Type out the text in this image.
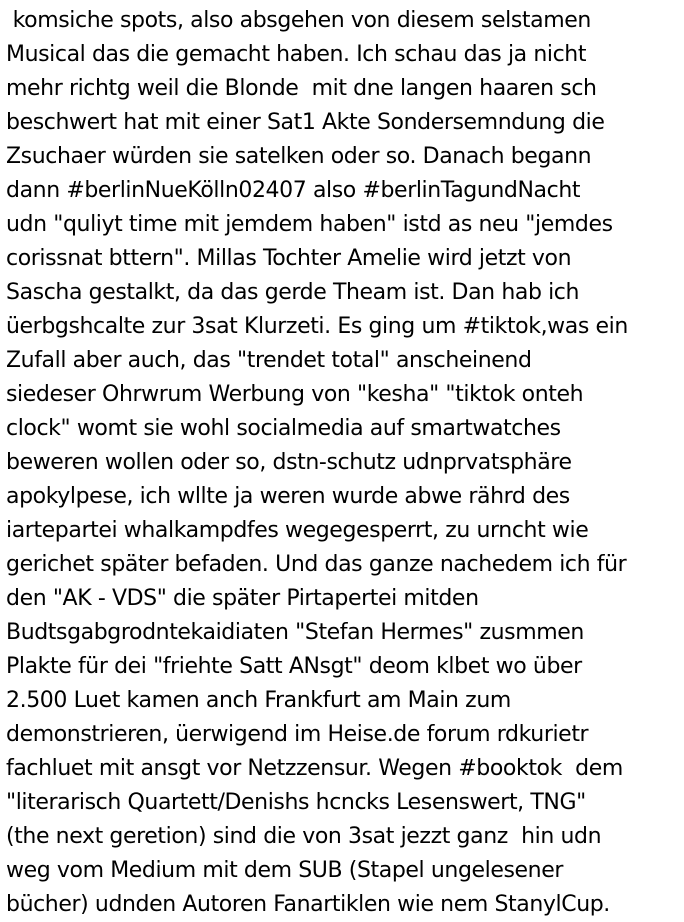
komsiche spots, also absgehen von diesem selstamen
Musical das die gemacht haben. Ich schau das ja nicht
mehr richtg weil die Blonde  mit dne langen haaren sch
beschwert hat mit einer Sat1 Akte Sondersemndung die
Zsuchaer würden sie satelken oder so. Danach begann
dann #berlinNueKölln02407 also #berlinTagundNacht
udn "quliyt time mit jemdem haben" istd as neu "jemdes
corissnat bttern". Millas Tochter Amelie wird jetzt von
Sascha gestalkt, da das gerde Theam ist. Dan hab ich
üerbgshcalte zur 3sat Klurzeti. Es ging um #tiktok,was ein
Zufall aber auch, das "trendet total" anscheinend
siedeser Ohrwrum Werbung von "kesha" "tiktok onteh
clock" womt sie wohl socialmedia auf smartwatches
beweren wollen oder so, dstn-schutz udnprvatsphäre
apokylpese, ich wllte ja weren wurde abwe rährd des
iartepartei whalkampdfes wegegesperrt, zu urncht wie
gerichet später befaden. Und das ganze nachedem ich für
den "AK - VDS" die später Pirtapertei mitden
Budtsgabgrodntekaidiaten "Stefan Hermes" zusmmen
Plakte für dei "friehte Satt ANsgt" deom klbet wo über
2.500 Luet kamen anch Frankfurt am Main zum
demonstrieren, üerwigend im Heise.de forum rdkurietr
fachluet mit ansgt vor Netzzensur. Wegen #booktok  dem
"literarisch Quartett/Denishs hcncks Lesenswert, TNG"
(the next geretion) sind die von 3sat jezzt ganz  hin udn
weg vom Medium mit dem SUB (Stapel ungelesener
bücher) udnden Autoren Fanartiklen wie nem StanylCup.
